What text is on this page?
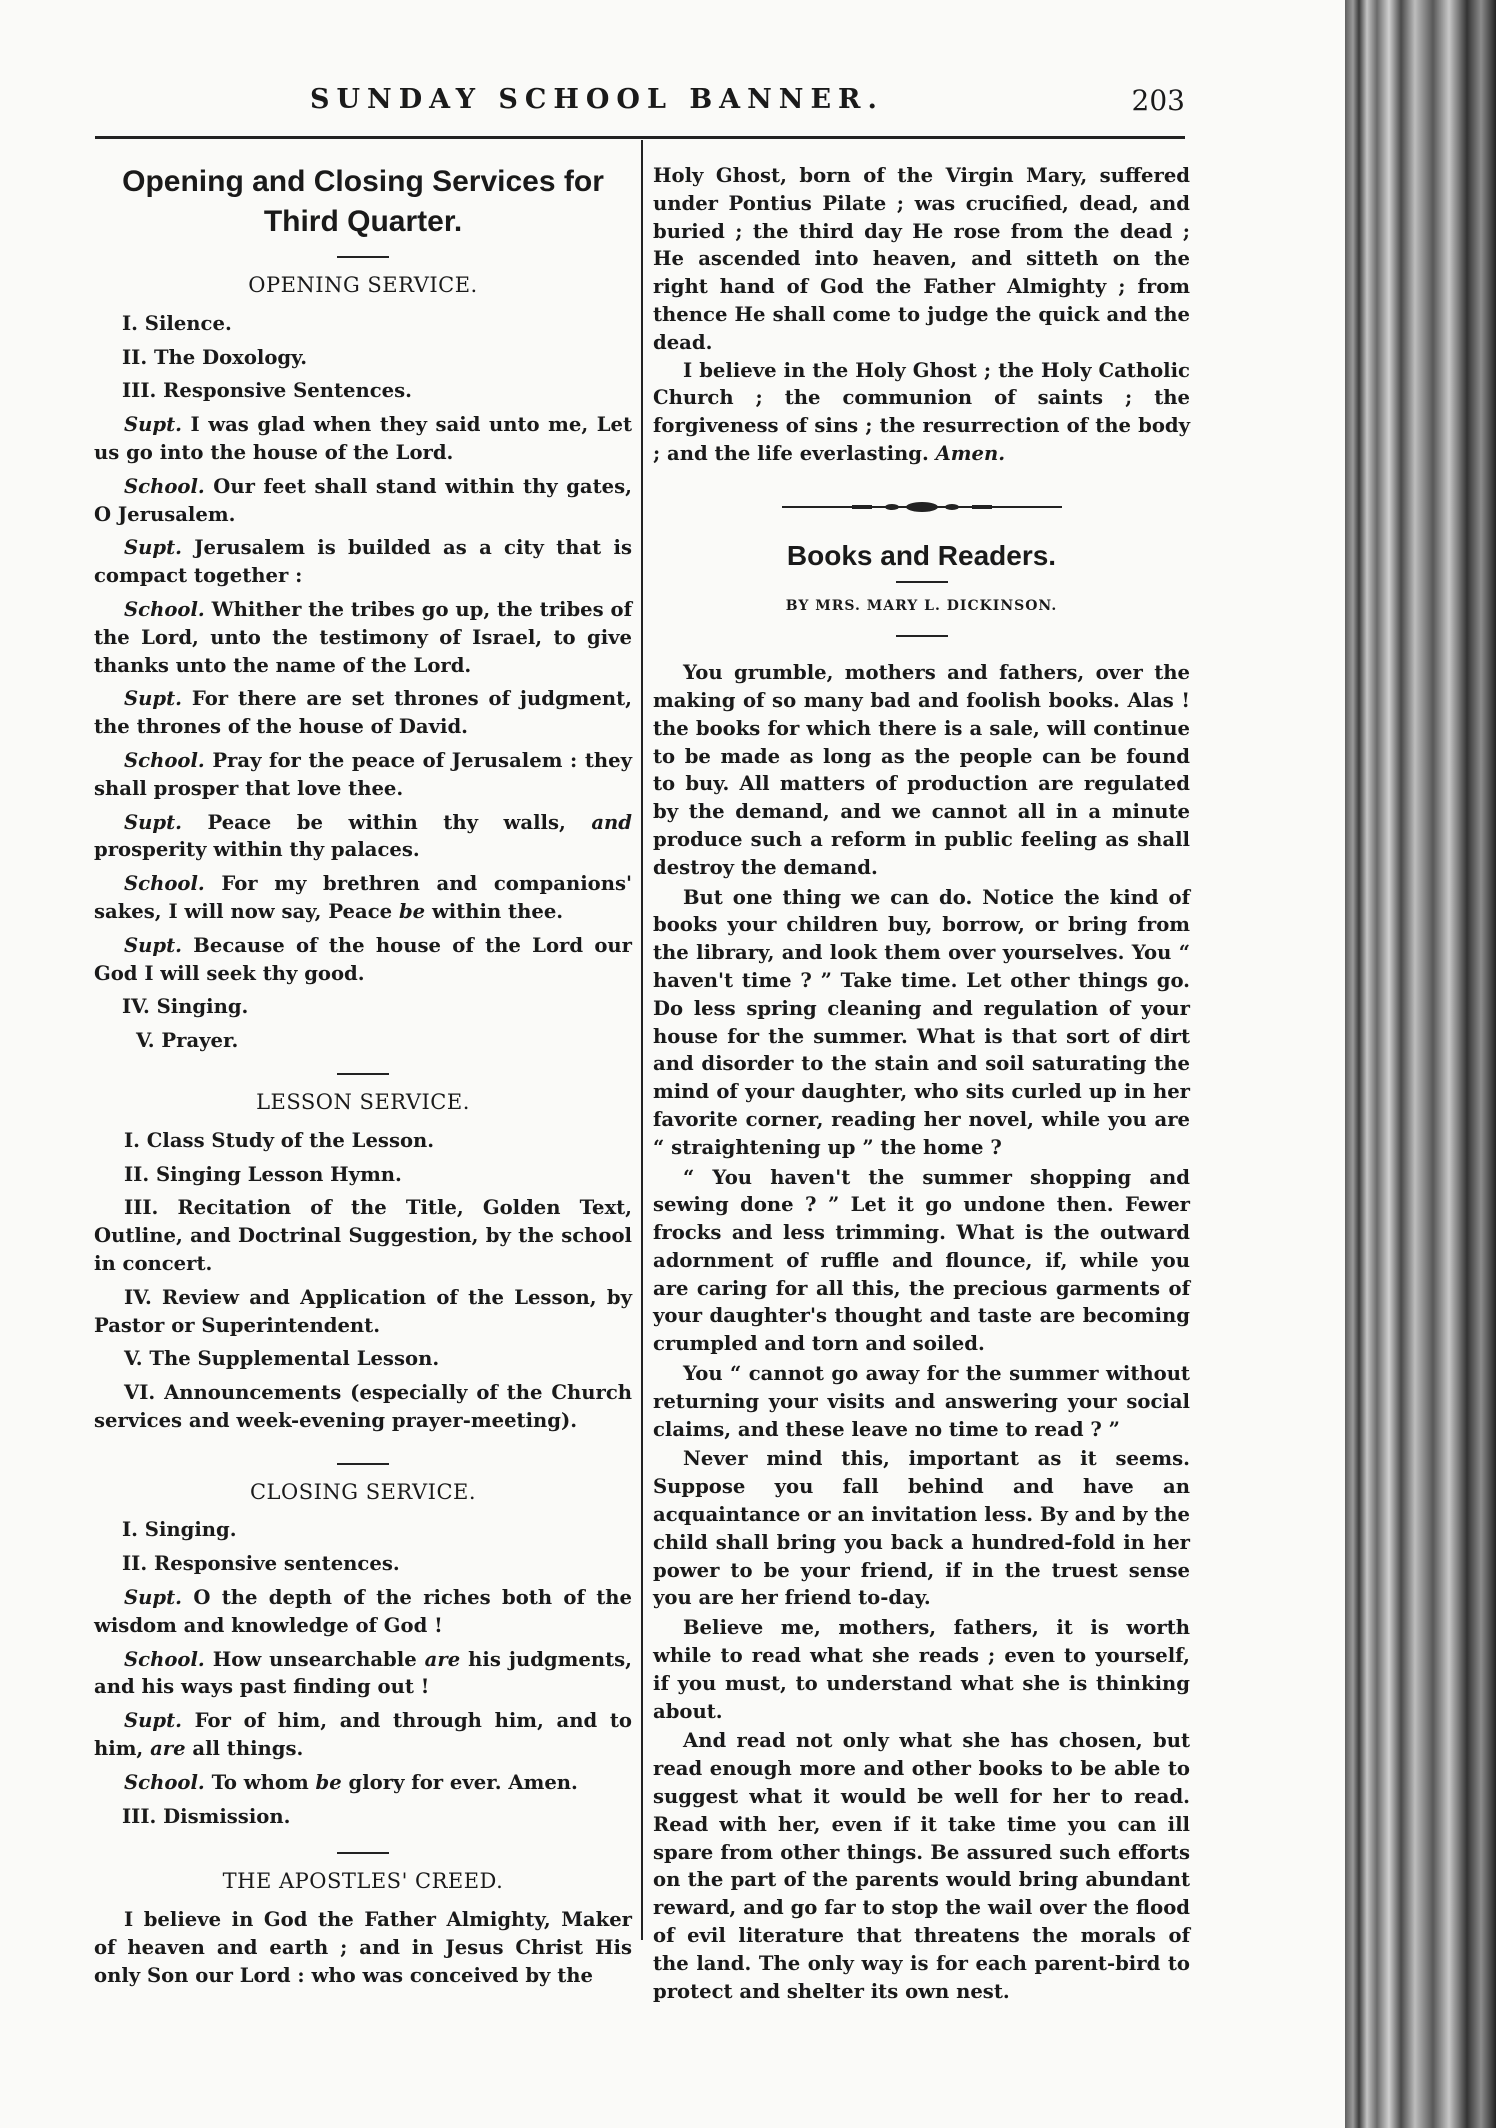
SUNDAY SCHOOL BANNER.	203
Opening and Closing Services for Third Quarter.
OPENING SERVICE.
I. Silence.
II. The Doxology.
III. Responsive Sentences.
Supt. I was glad when they said unto me, Let us go into the house of the Lord.
School. Our feet shall stand within thy gates, O Jerusalem.
Supt. Jerusalem is builded as a city that is compact together :
School. Whither the tribes go up, the tribes of the Lord, unto the testimony of Israel, to give thanks unto the name of the Lord.
Supt. For there are set thrones of judgment, the thrones of the house of David.
School. Pray for the peace of Jerusalem : they shall prosper that love thee.
Supt. Peace be within thy walls, and prosperity within thy palaces.
School. For my brethren and companions' sakes, I will now say, Peace be within thee.
Supt. Because of the house of the Lord our God I will seek thy good.
IV. Singing.
V. Prayer.
LESSON SERVICE.
I. Class Study of the Lesson.
II. Singing Lesson Hymn.
III. Recitation of the Title, Golden Text, Outline, and Doctrinal Suggestion, by the school in concert.
IV. Review and Application of the Lesson, by Pastor or Superintendent.
V. The Supplemental Lesson.
VI. Announcements (especially of the Church services and week-evening prayer-meeting).
CLOSING SERVICE.
I. Singing.
II. Responsive sentences.
Supt. O the depth of the riches both of the wisdom and knowledge of God !
School. How unsearchable are his judgments, and his ways past finding out !
Supt. For of him, and through him, and to him, are all things.
School. To whom be glory for ever. Amen.
III. Dismission.
THE APOSTLES' CREED.
I believe in God the Father Almighty, Maker of heaven and earth ; and in Jesus Christ His only Son our Lord : who was conceived by the
Holy Ghost, born of the Virgin Mary, suffered under Pontius Pilate ; was crucified, dead, and buried ; the third day He rose from the dead ; He ascended into heaven, and sitteth on the right hand of God the Father Almighty ; from thence He shall come to judge the quick and the dead.
I believe in the Holy Ghost ; the Holy Catholic Church ; the communion of saints ; the forgiveness of sins ; the resurrection of the body ; and the life everlasting. Amen.
Books and Readers.
BY MRS. MARY L. DICKINSON.
You grumble, mothers and fathers, over the making of so many bad and foolish books. Alas ! the books for which there is a sale, will continue to be made as long as the people can be found to buy. All matters of production are regulated by the demand, and we cannot all in a minute produce such a reform in public feeling as shall destroy the demand.
But one thing we can do. Notice the kind of books your children buy, borrow, or bring from the library, and look them over yourselves. You “ haven't time ? ” Take time. Let other things go. Do less spring cleaning and regulation of your house for the summer. What is that sort of dirt and disorder to the stain and soil saturating the mind of your daughter, who sits curled up in her favorite corner, reading her novel, while you are “ straightening up ” the home ?
“ You haven't the summer shopping and sewing done ? ” Let it go undone then. Fewer frocks and less trimming. What is the outward adornment of ruffle and flounce, if, while you are caring for all this, the precious garments of your daughter's thought and taste are becoming crumpled and torn and soiled.
You “ cannot go away for the summer without returning your visits and answering your social claims, and these leave no time to read ? ”
Never mind this, important as it seems. Suppose you fall behind and have an acquaintance or an invitation less. By and by the child shall bring you back a hundred-fold in her power to be your friend, if in the truest sense you are her friend to-day.
Believe me, mothers, fathers, it is worth while to read what she reads ; even to yourself, if you must, to understand what she is thinking about.
And read not only what she has chosen, but read enough more and other books to be able to suggest what it would be well for her to read. Read with her, even if it take time you can ill spare from other things. Be assured such efforts on the part of the parents would bring abundant reward, and go far to stop the wail over the flood of evil literature that threatens the morals of the land. The only way is for each parent-bird to protect and shelter its own nest.
